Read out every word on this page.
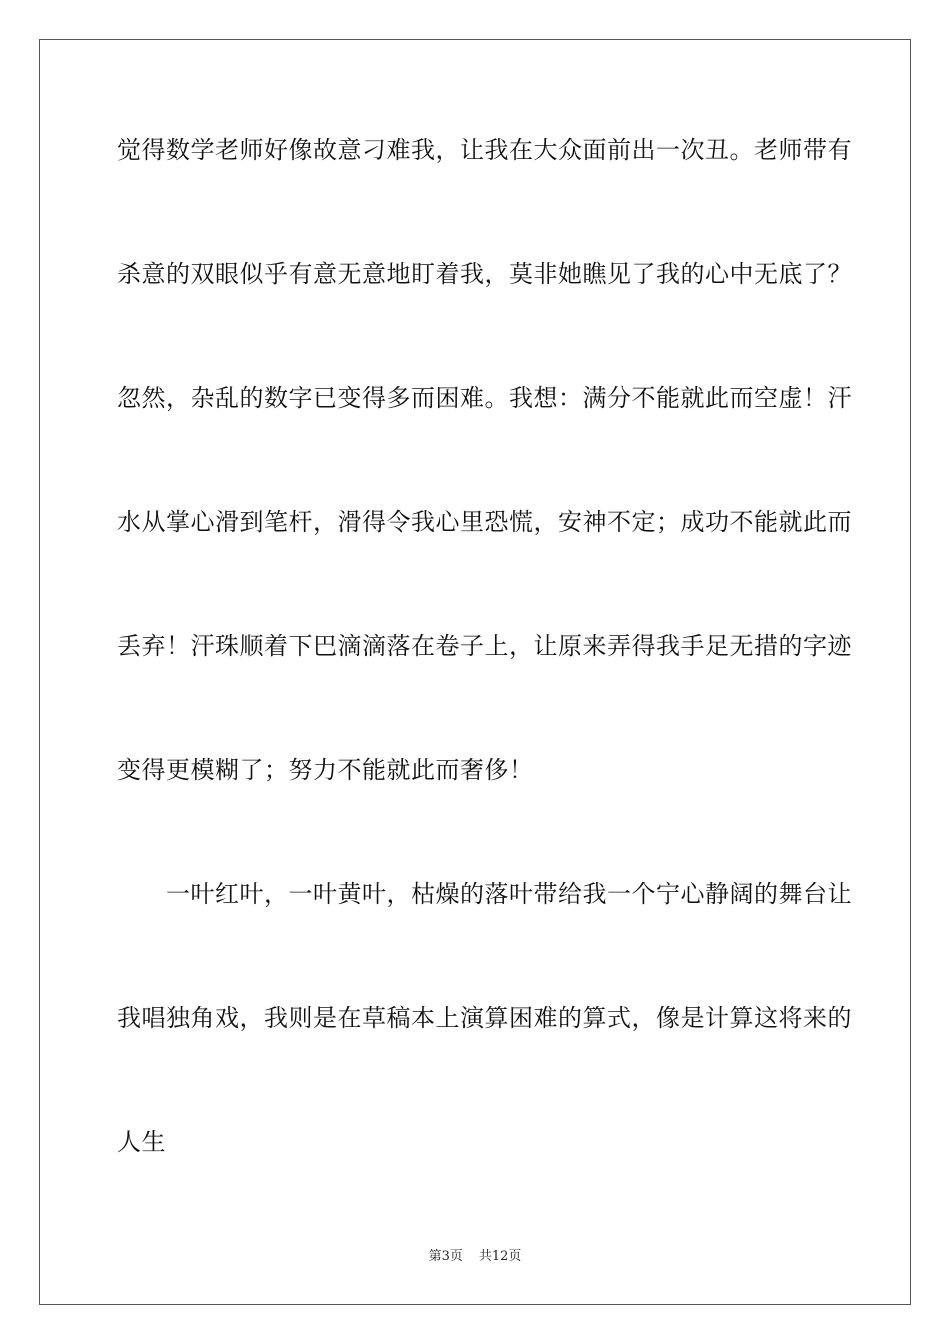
觉得数学老师好像故意刁难我，让我在大众面前出一次丑。老师带有
杀意的双眼似乎有意无意地盯着我，莫非她瞧见了我的心中无底了？
忽然，杂乱的数字已变得多而困难。我想：满分不能就此而空虚！汗
水从掌心滑到笔杆，滑得令我心里恐慌，安神不定；成功不能就此而
丢弃！汗珠顺着下巴滴滴落在卷子上，让原来弄得我手足无措的字迹
变得更模糊了；努力不能就此而奢侈！
　　一叶红叶，一叶黄叶，枯燥的落叶带给我一个宁心静阔的舞台让
我唱独角戏，我则是在草稿本上演算困难的算式，像是计算这将来的
人生
第3页 共12页
